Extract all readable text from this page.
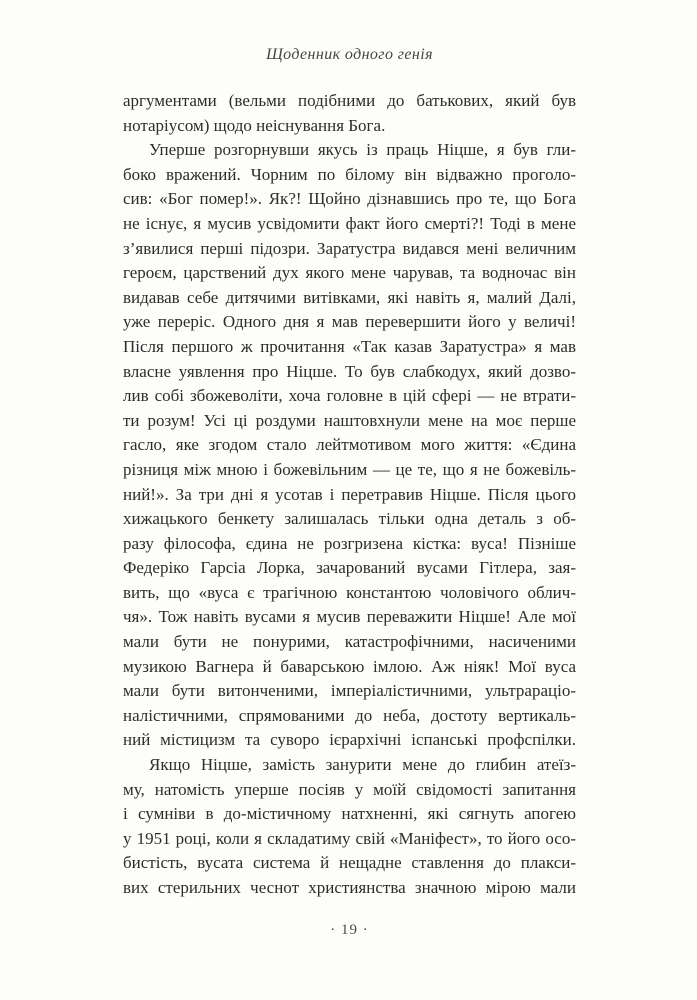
Щоденник одного генія
аргументами (вельми подібними до батькових, який був
нотаріусом) щодо неіснування Бога.
Уперше розгорнувши якусь із праць Ніцше, я був гли-
боко вражений. Чорним по білому він відважно проголо-
сив: «Бог помер!». Як?! Щойно дізнавшись про те, що Бога
не існує, я мусив усвідомити факт його смерті?! Тоді в мене
з’явилися перші підозри. Заратустра видався мені величним
героєм, царствений дух якого мене чарував, та водночас він
видавав себе дитячими витівками, які навіть я, малий Далі,
уже переріс. Одного дня я мав перевершити його у величі!
Після першого ж прочитання «Так казав Заратустра» я мав
власне уявлення про Ніцше. То був слабкодух, який дозво-
лив собі збожеволіти, хоча головне в цій сфері — не втрати-
ти розум! Усі ці роздуми наштовхнули мене на моє перше
гасло, яке згодом стало лейтмотивом мого життя: «Єдина
різниця між мною і божевільним — це те, що я не божевіль-
ний!». За три дні я усотав і перетравив Ніцше. Після цього
хижацького бенкету залишалась тільки одна деталь з об-
разу філософа, єдина не розгризена кістка: вуса! Пізніше
Федеріко Гарсіа Лорка, зачарований вусами Гітлера, зая-
вить, що «вуса є трагічною константою чоловічого облич-
чя». Тож навіть вусами я мусив переважити Ніцше! Але мої
мали бути не понурими, катастрофічними, насиченими
музикою Вагнера й баварською імлою. Аж ніяк! Мої вуса
мали бути витонченими, імперіалістичними, ультрараціо-
налістичними, спрямованими до неба, достоту вертикаль-
ний містицизм та суворо ієрархічні іспанські профспілки.
Якщо Ніцше, замість занурити мене до глибин атеїз-
му, натомість уперше посіяв у моїй свідомості запитання
і сумніви в до-містичному натхненні, які сягнуть апогею
у 1951 році, коли я складатиму свій «Маніфест», то його осо-
бистість, вусата система й нещадне ставлення до плакси-
вих стерильних чеснот християнства значною мірою мали
· 19 ·
